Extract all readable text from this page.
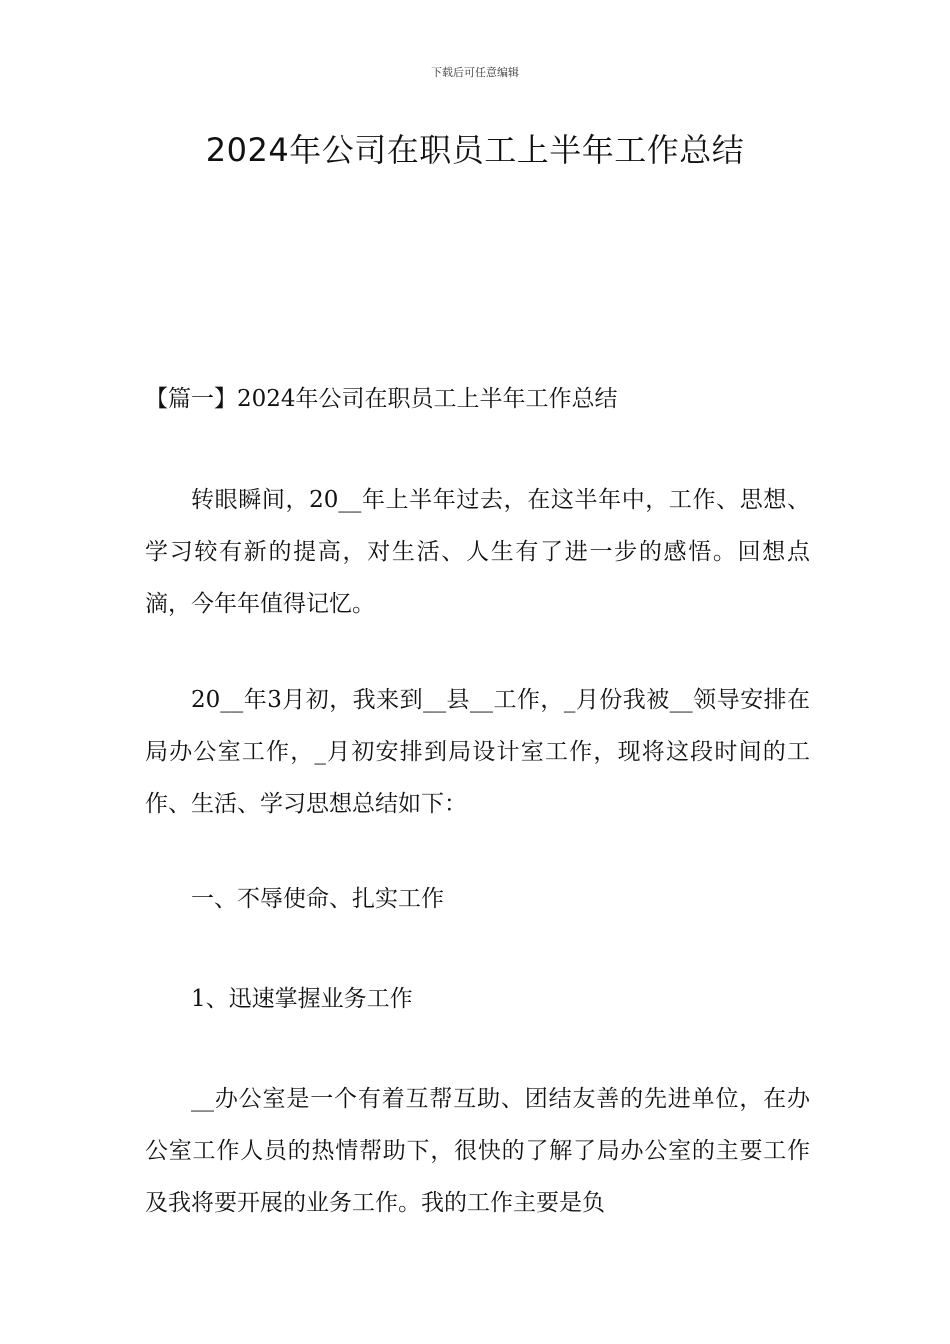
下载后可任意编辑
2024年公司在职员工上半年工作总结

【篇一】2024年公司在职员工上半年工作总结

转眼瞬间，20__年上半年过去，在这半年中，工作、思想、学习较有新的提高，对生活、人生有了进一步的感悟。回想点滴，今年年值得记忆。

20__年3月初，我来到__县__工作，_月份我被__领导安排在局办公室工作，_月初安排到局设计室工作，现将这段时间的工作、生活、学习思想总结如下：

一、不辱使命、扎实工作

1、迅速掌握业务工作

__办公室是一个有着互帮互助、团结友善的先进单位，在办公室工作人员的热情帮助下，很快的了解了局办公室的主要工作及我将要开展的业务工作。我的工作主要是负
